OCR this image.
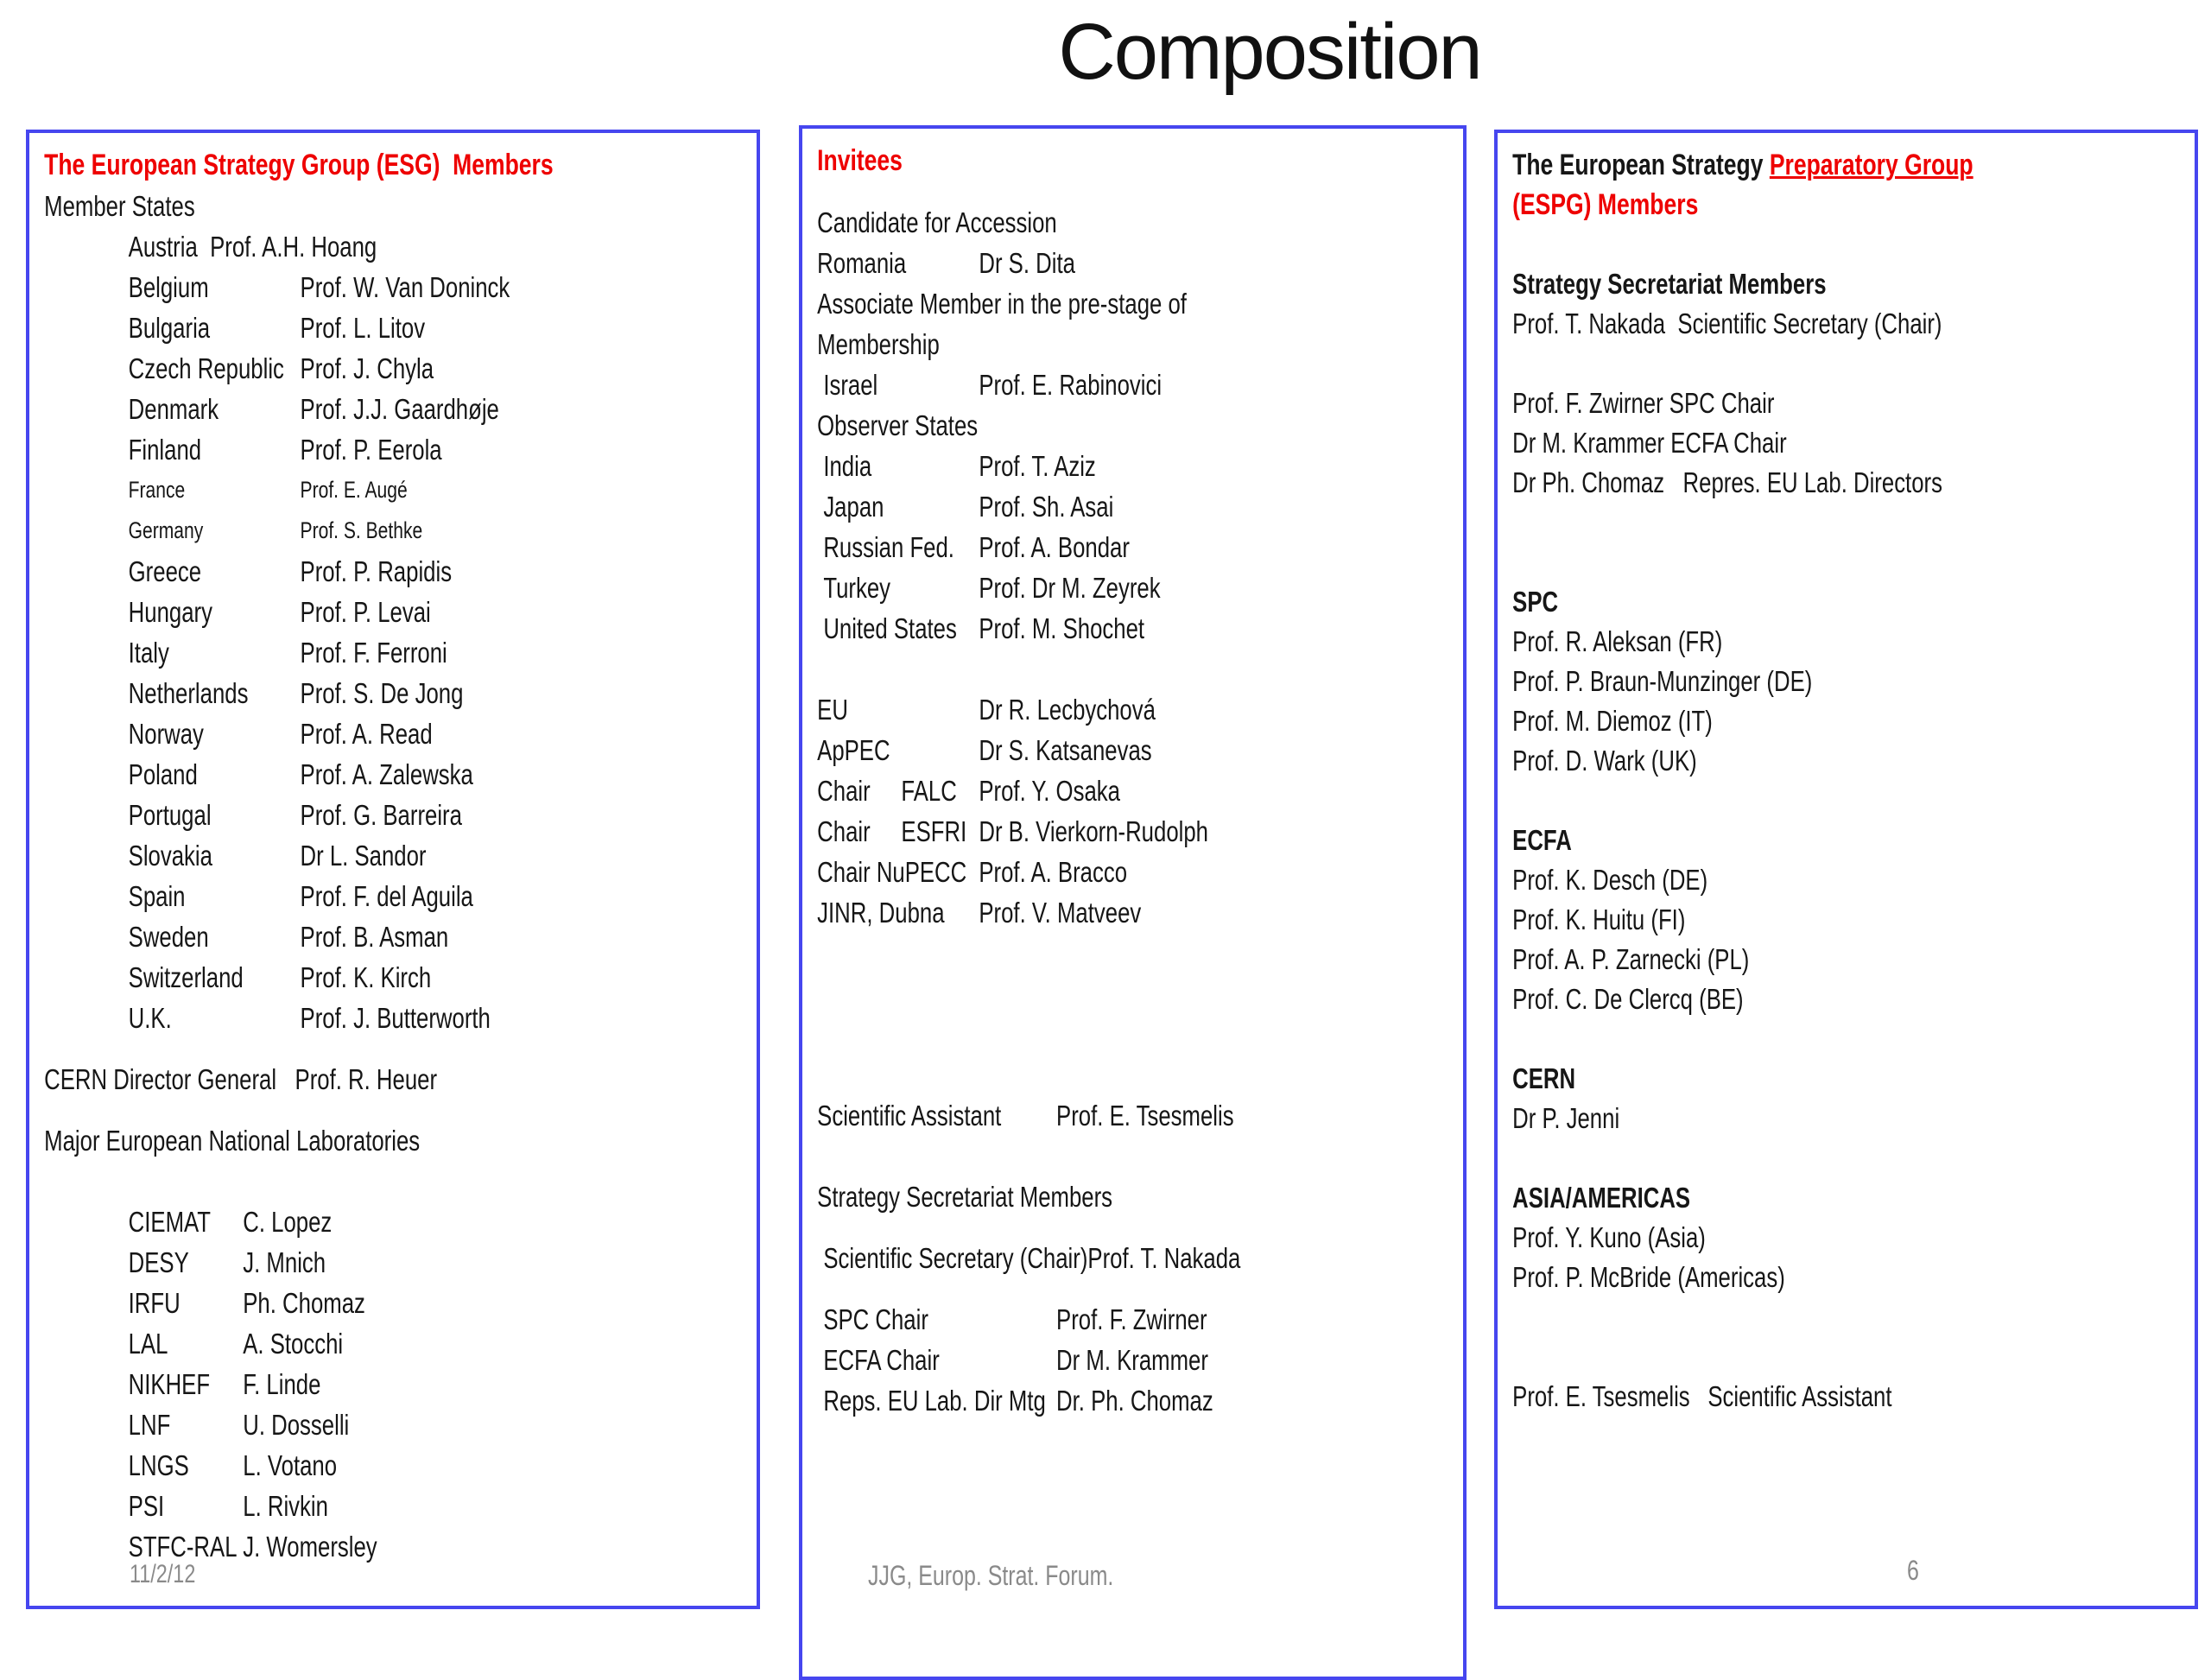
Composition
The European Strategy Group (ESG)  Members
Member States
Austria  Prof. A.H. Hoang
Belgium	Prof. W. Van Doninck
Bulgaria	Prof. L. Litov
Czech Republic Prof. J. Chyla
Denmark	Prof. J.J. Gaardhøje
Finland	Prof. P. Eerola
France	Prof. E. Augé
Germany	Prof. S. Bethke
Greece	Prof. P. Rapidis
Hungary	Prof. P. Levai
Italy	Prof. F. Ferroni
Netherlands Prof. S. De Jong
Norway	Prof. A. Read
Poland	Prof. A. Zalewska
Portugal	Prof. G. Barreira
Slovakia	Dr L. Sandor
Spain	Prof. F. del Aguila
Sweden	Prof. B. Asman
Switzerland Prof. K. Kirch
U.K.	Prof. J. Butterworth
CERN Director General   Prof. R. Heuer
Major European National Laboratories
CIEMAT C. Lopez
DESY J. Mnich
IRFU Ph. Chomaz
LAL	A. Stocchi
NIKHEF F. Linde
LNF	U. Dosselli
LNGS L. Votano
PSI	L. Rivkin
STFC-RAL J. Womersley
Invitees
Candidate for Accession
Romania	Dr S. Dita
Associate Member in the pre-stage of
Membership
Israel	Prof. E. Rabinovici
Observer States
India	Prof. T. Aziz
Japan	Prof. Sh. Asai
Russian Fed. Prof. A. Bondar
Turkey	Prof. Dr M. Zeyrek
United States Prof. M. Shochet
EU	Dr R. Lecbychová
ApPEC	Dr S. Katsanevas
Chair     FALC Prof. Y. Osaka
Chair     ESFRI Dr B. Vierkorn-Rudolph
Chair NuPECC Prof. A. Bracco
JINR, Dubna Prof. V. Matveev
Scientific Assistant Prof. E. Tsesmelis
Strategy Secretariat Members
Scientific Secretary (Chair)Prof. T. Nakada
SPC Chair	Prof. F. Zwirner
ECFA Chair	Dr M. Krammer
Reps. EU Lab. Dir Mtg Dr. Ph. Chomaz
The European Strategy Preparatory Group
(ESPG) Members
Strategy Secretariat Members
Prof. T. Nakada  Scientific Secretary (Chair)
Prof. F. Zwirner SPC Chair
Dr M. Krammer ECFA Chair
Dr Ph. Chomaz   Repres. EU Lab. Directors
SPC
Prof. R. Aleksan (FR)
Prof. P. Braun-Munzinger (DE)
Prof. M. Diemoz (IT)
Prof. D. Wark (UK)
ECFA
Prof. K. Desch (DE)
Prof. K. Huitu (FI)
Prof. A. P. Zarnecki (PL)
Prof. C. De Clercq (BE)
CERN
Dr P. Jenni
ASIA/AMERICAS
Prof. Y. Kuno (Asia)
Prof. P. McBride (Americas)
Prof. E. Tsesmelis Scientific Assistant
11/2/12	JJG, Europ. Strat. Forum.	6
